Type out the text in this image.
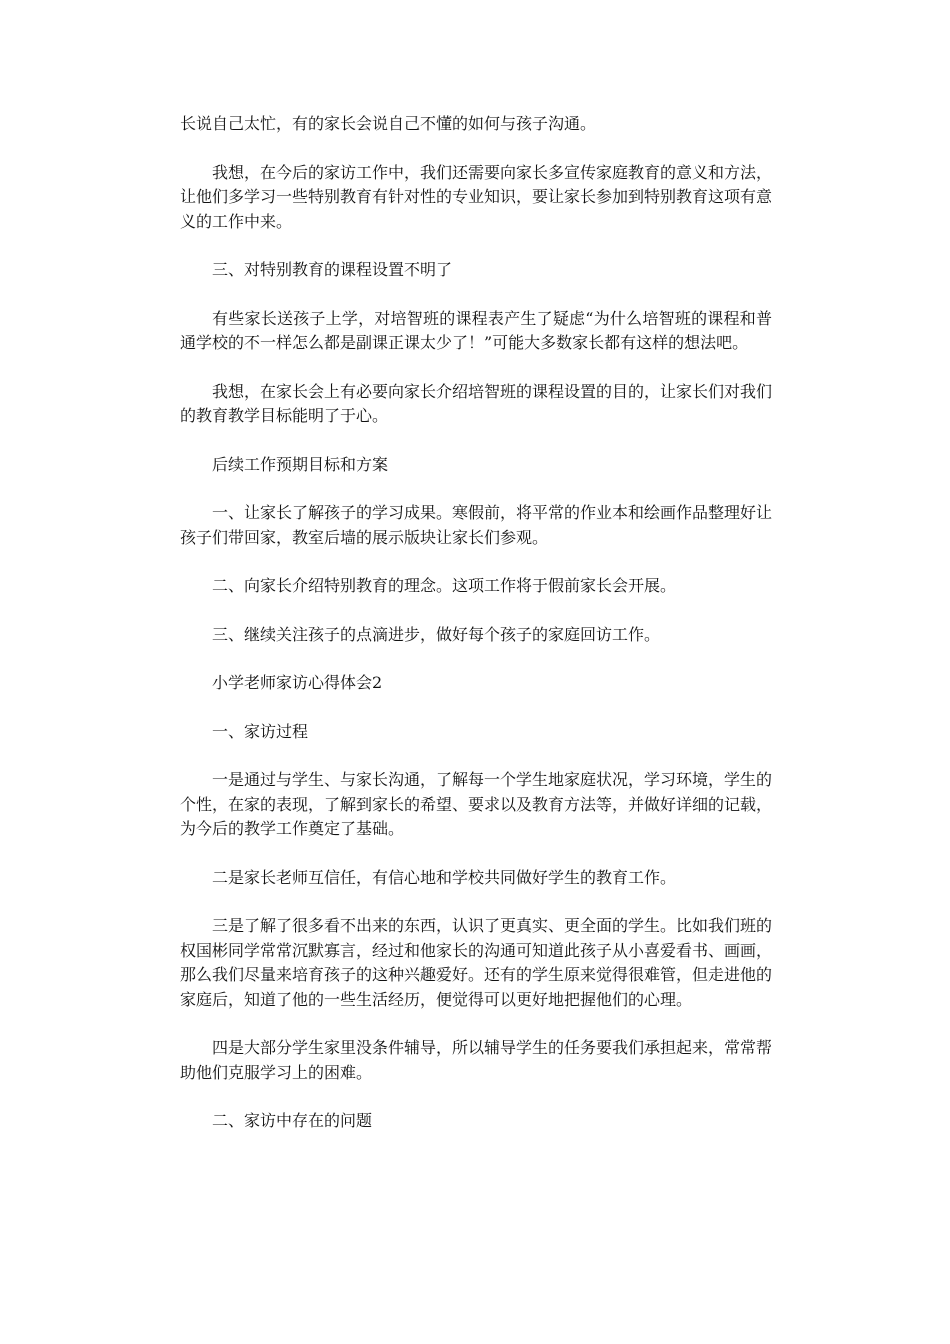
长说自己太忙，有的家长会说自己不懂的如何与孩子沟通。

我想，在今后的家访工作中，我们还需要向家长多宣传家庭教育的意义和方法，让他们多学习一些特别教育有针对性的专业知识，要让家长参加到特别教育这项有意义的工作中来。

三、对特别教育的课程设置不明了

有些家长送孩子上学，对培智班的课程表产生了疑虑“为什么培智班的课程和普通学校的不一样怎么都是副课正课太少了！”可能大多数家长都有这样的想法吧。

我想，在家长会上有必要向家长介绍培智班的课程设置的目的，让家长们对我们的教育教学目标能明了于心。

后续工作预期目标和方案

一、让家长了解孩子的学习成果。寒假前，将平常的作业本和绘画作品整理好让孩子们带回家，教室后墙的展示版块让家长们参观。

二、向家长介绍特别教育的理念。这项工作将于假前家长会开展。

三、继续关注孩子的点滴进步，做好每个孩子的家庭回访工作。

小学老师家访心得体会2

一、家访过程

一是通过与学生、与家长沟通，了解每一个学生地家庭状况，学习环境，学生的个性，在家的表现，了解到家长的希望、要求以及教育方法等，并做好详细的记载，为今后的教学工作奠定了基础。

二是家长老师互信任，有信心地和学校共同做好学生的教育工作。

三是了解了很多看不出来的东西，认识了更真实、更全面的学生。比如我们班的权国彬同学常常沉默寡言，经过和他家长的沟通可知道此孩子从小喜爱看书、画画，那么我们尽量来培育孩子的这种兴趣爱好。还有的学生原来觉得很难管，但走进他的家庭后，知道了他的一些生活经历，便觉得可以更好地把握他们的心理。

四是大部分学生家里没条件辅导，所以辅导学生的任务要我们承担起来，常常帮助他们克服学习上的困难。

二、家访中存在的问题
